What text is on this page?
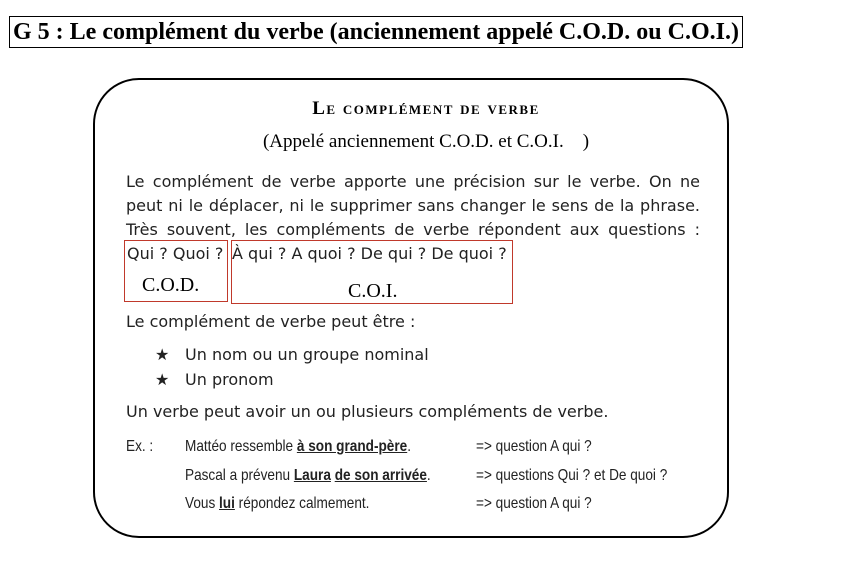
G 5 : Le complément du verbe (anciennement appelé C.O.D. ou C.O.I.)
Le complément de verbe
(Appelé anciennement C.O.D. et C.O.I.    )
Le complément de verbe apporte une précision sur le verbe. On ne
peut ni le déplacer, ni le supprimer sans changer le sens de la phrase.
Très souvent, les compléments de verbe répondent aux questions :
Qui ? Quoi ?
C.O.D.
À qui ? A quoi ? De qui ? De quoi ?
C.O.I.
Le complément de verbe peut être :
★ Un nom ou un groupe nominal
★ Un pronom
Un verbe peut avoir un ou plusieurs compléments de verbe.
Ex. : Mattéo ressemble à son grand-père.	=> question A qui ?
Pascal a prévenu Laura de son arrivée.	=> questions Qui ? et De quoi ?
Vous lui répondez calmement.	=> question A qui ?
